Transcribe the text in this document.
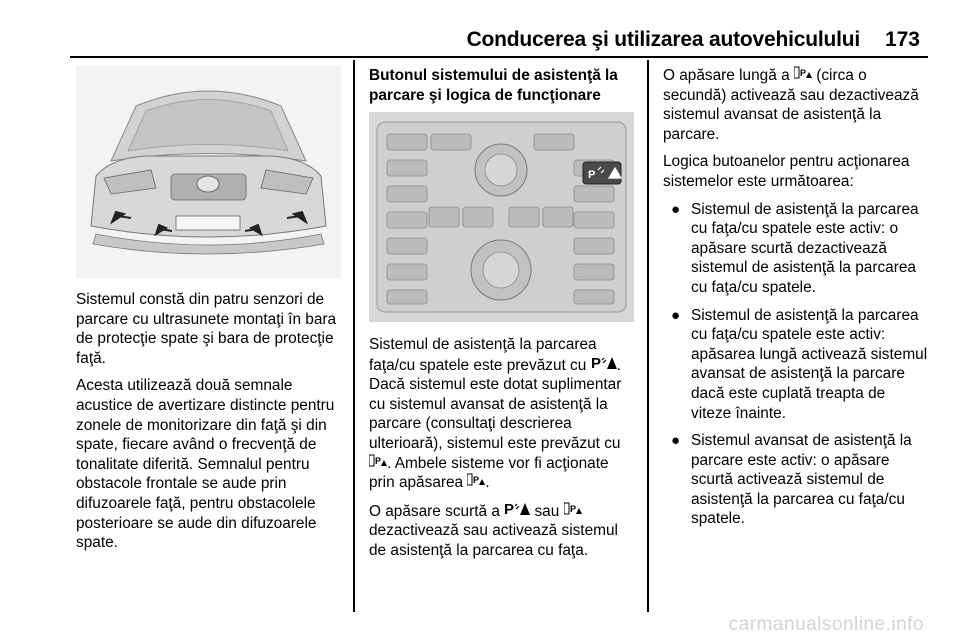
Conducerea şi utilizarea autovehiculului 173

Sistemul constă din patru senzori de parcare cu ultrasunete montaţi în bara de protecţie spate şi bara de protecţie faţă.

Acesta utilizează două semnale acustice de avertizare distincte pentru zonele de monitorizare din faţă şi din spate, fiecare având o frecvenţă de tonalitate diferită. Semnalul pentru obstacole frontale se aude prin difuzoarele faţă, pentru obstacolele posterioare se aude din difuzoarele spate.

Butonul sistemului de asistenţă la parcare şi logica de funcţionare
P

Sistemul de asistenţă la parcarea faţa/cu spatele este prevăzut cu P . Dacă sistemul este dotat suplimentar cu sistemul avansat de asistenţă la parcare (consultaţi descrierea ulterioară), sistemul este prevăzut cu
P . Ambele sisteme vor fi acţionate prin apăsarea P .

O apăsare scurtă a P sau P
dezactivează sau activează sistemul de asistenţă la parcarea cu faţa.

O apăsare lungă a P (circa o secundă) activează sau dezactivează sistemul avansat de asistenţă la parcare.

Logica butoanelor pentru acţionarea sistemelor este următoarea:

● Sistemul de asistenţă la parcarea cu faţa/cu spatele este activ: o apăsare scurtă dezactivează sistemul de asistenţă la parcarea cu faţa/cu spatele.
● Sistemul de asistenţă la parcarea cu faţa/cu spatele este activ: apăsarea lungă activează sistemul avansat de asistenţă la parcare dacă este cuplată treapta de viteze înainte.
● Sistemul avansat de asistenţă la parcare este activ: o apăsare scurtă activează sistemul de asistenţă la parcarea cu faţa/cu spatele.
carmanualsonline.info
